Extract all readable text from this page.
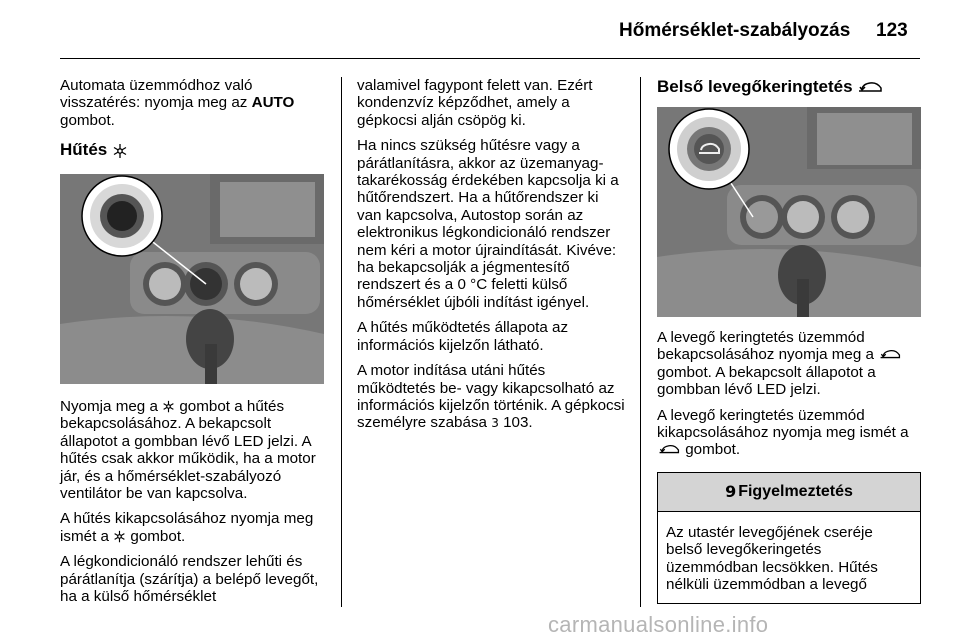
Hőmérséklet-szabályozás 123

Automata üzemmódhoz való visszatérés: nyomja meg az AUTO gombot.

Hűtés

Nyomja meg a  gombot a hűtés bekapcsolásához. A bekapcsolt állapotot a gombban lévő LED jelzi. A hűtés csak akkor működik, ha a motor jár, és a hőmérséklet-szabályozó ventilátor be van kapcsolva.

A hűtés kikapcsolásához nyomja meg ismét a  gombot.

A légkondicionáló rendszer lehűti és párátlanítja (szárítja) a belépő levegőt, ha a külső hőmérséklet

valamivel fagypont felett van. Ezért kondenzvíz képződhet, amely a gépkocsi alján csöpög ki.

Ha nincs szükség hűtésre vagy a párátlanításra, akkor az üzemanyag-takarékosság érdekében kapcsolja ki a hűtőrendszert. Ha a hűtőrendszer ki van kapcsolva, Autostop során az elektronikus légkondicionáló rendszer nem kéri a motor újraindítását. Kivéve: ha bekapcsolják a jégmentesítő rendszert és a 0 °C feletti külső hőmérséklet újbóli indítást igényel.

A hűtés működtetés állapota az információs kijelzőn látható.

A motor indítása utáni hűtés működtetés be- vagy kikapcsolható az információs kijelzőn történik. A gépkocsi személyre szabása 3 103.

Belső levegőkeringtetés

A levegő keringtetés üzemmód bekapcsolásához nyomja meg a  gombot. A bekapcsolt állapotot a gombban lévő LED jelzi.

A levegő keringtetés üzemmód kikapcsolásához nyomja meg ismét a  gombot.

9 Figyelmeztetés
Az utastér levegőjének cseréje belső levegőkeringetés üzemmódban lecsökken. Hűtés nélküli üzemmódban a levegő
carmanualsonline.info
